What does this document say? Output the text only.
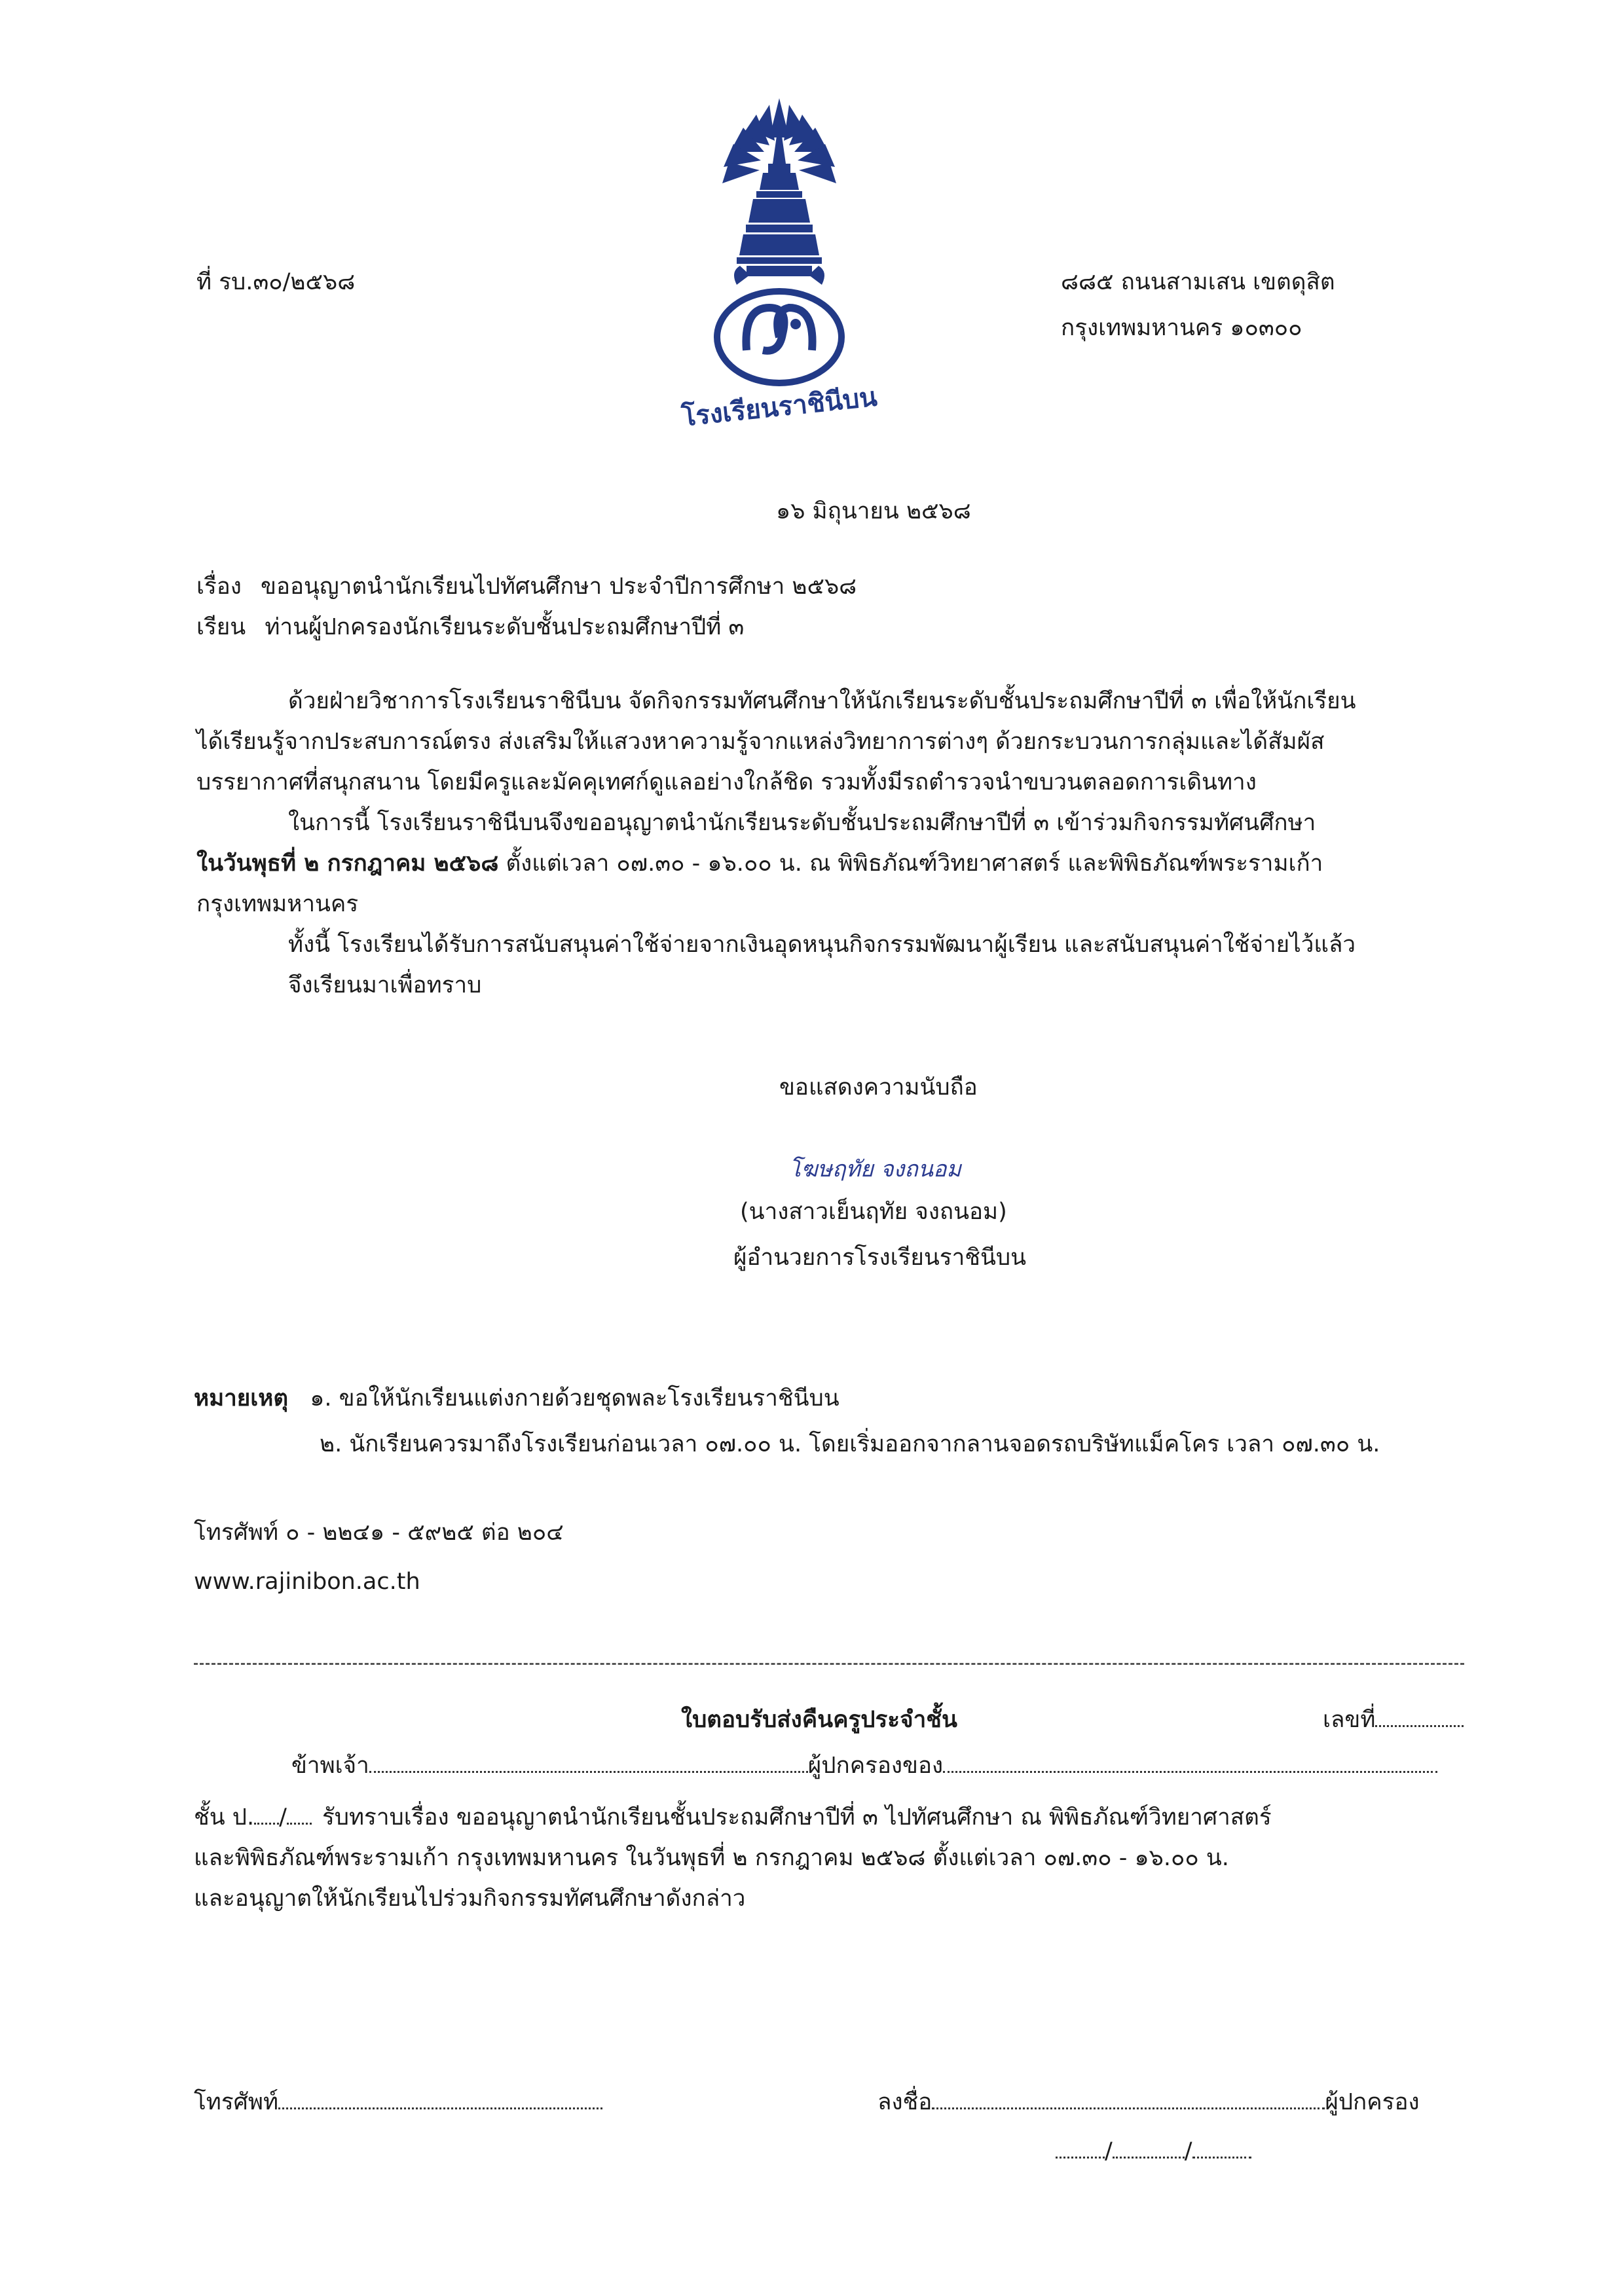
โรงเรียนราชินีบน
ที่ รบ.๓๐/๒๕๖๘	๘๘๕ ถนนสามเสน เขตดุสิต
กรุงเทพมหานคร ๑๐๓๐๐
๑๖ มิถุนายน ๒๕๖๘
เรื่อง ขออนุญาตนำนักเรียนไปทัศนศึกษา ประจำปีการศึกษา ๒๕๖๘
เรียน ท่านผู้ปกครองนักเรียนระดับชั้นประถมศึกษาปีที่ ๓
ด้วยฝ่ายวิชาการโรงเรียนราชินีบน จัดกิจกรรมทัศนศึกษาให้นักเรียนระดับชั้นประถมศึกษาปีที่ ๓ เพื่อให้นักเรียน
ได้เรียนรู้จากประสบการณ์ตรง ส่งเสริมให้แสวงหาความรู้จากแหล่งวิทยาการต่างๆ ด้วยกระบวนการกลุ่มและได้สัมผัส
บรรยากาศที่สนุกสนาน โดยมีครูและมัคคุเทศก์ดูแลอย่างใกล้ชิด รวมทั้งมีรถตำรวจนำขบวนตลอดการเดินทาง
ในการนี้ โรงเรียนราชินีบนจึงขออนุญาตนำนักเรียนระดับชั้นประถมศึกษาปีที่ ๓ เข้าร่วมกิจกรรมทัศนศึกษา
ในวันพุธที่ ๒ กรกฎาคม ๒๕๖๘ ตั้งแต่เวลา ๐๗.๓๐ - ๑๖.๐๐ น. ณ พิพิธภัณฑ์วิทยาศาสตร์ และพิพิธภัณฑ์พระรามเก้า
กรุงเทพมหานคร
ทั้งนี้ โรงเรียนได้รับการสนับสนุนค่าใช้จ่ายจากเงินอุดหนุนกิจกรรมพัฒนาผู้เรียน และสนับสนุนค่าใช้จ่ายไว้แล้ว
จึงเรียนมาเพื่อทราบ
ขอแสดงความนับถือ
โฆษฤทัย จงถนอม
(นางสาวเย็นฤทัย จงถนอม)
ผู้อำนวยการโรงเรียนราชินีบน
หมายเหตุ ๑. ขอให้นักเรียนแต่งกายด้วยชุดพละโรงเรียนราชินีบน
๒. นักเรียนควรมาถึงโรงเรียนก่อนเวลา ๐๗.๐๐ น. โดยเริ่มออกจากลานจอดรถบริษัทแม็คโคร เวลา ๐๗.๓๐ น.
โทรศัพท์ ๐ - ๒๒๔๑ - ๕๙๒๕ ต่อ ๒๐๔
www.rajinibon.ac.th
ใบตอบรับส่งคืนครูประจำชั้น	เลขที่
ข้าพเจ้า	ผู้ปกครองของ
ชั้น ป. / รับทราบเรื่อง ขออนุญาตนำนักเรียนชั้นประถมศึกษาปีที่ ๓ ไปทัศนศึกษา ณ พิพิธภัณฑ์วิทยาศาสตร์
และพิพิธภัณฑ์พระรามเก้า กรุงเทพมหานคร ในวันพุธที่ ๒ กรกฎาคม ๒๕๖๘ ตั้งแต่เวลา ๐๗.๓๐ - ๑๖.๐๐ น.
และอนุญาตให้นักเรียนไปร่วมกิจกรรมทัศนศึกษาดังกล่าว
โทรศัพท์	ลงชื่อ	ผู้ปกครอง
/	/
